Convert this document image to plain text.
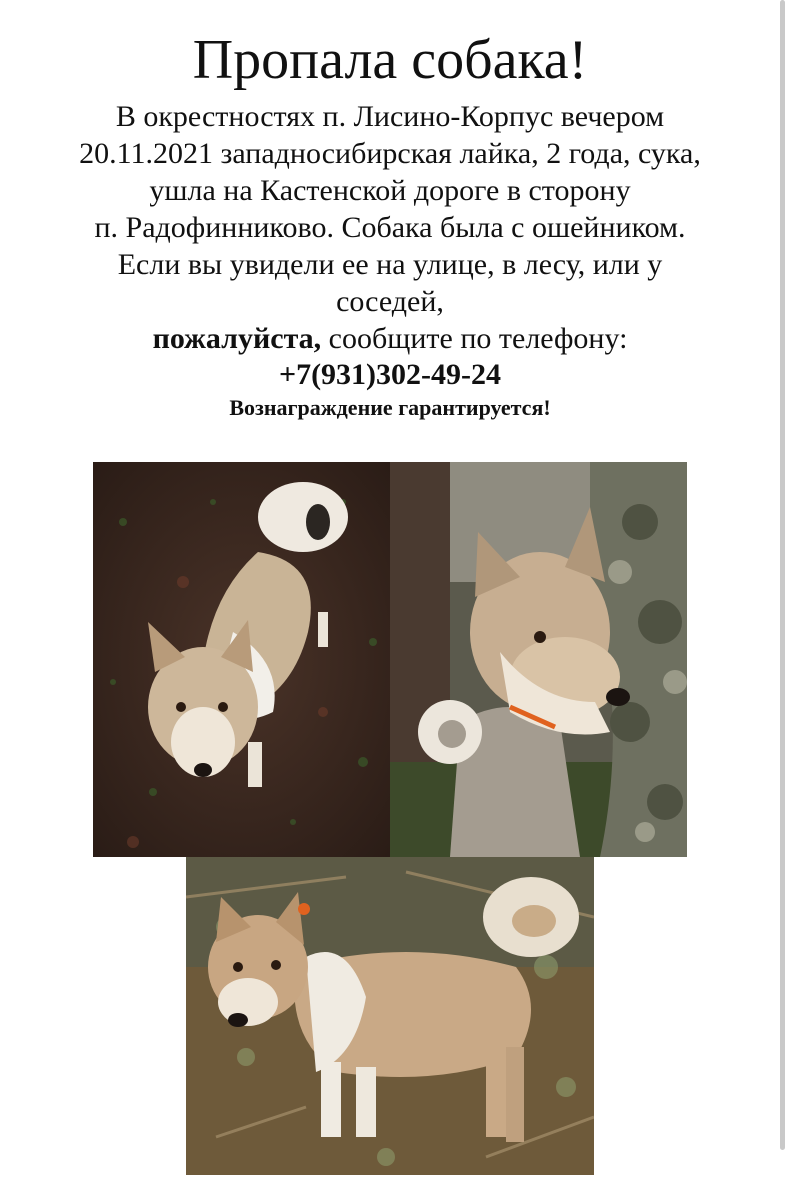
Пропала собака!
В окрестностях п. Лисино-Корпус вечером
20.11.2021 западносибирская лайка, 2 года, сука,
ушла на Кастенской дороге в сторону
п. Радофинниково. Собака была с ошейником.
Если вы увидели ее на улице, в лесу, или у
соседей,
пожалуйста, сообщите по телефону:
+7(931)302-49-24
Вознаграждение гарантируется!
